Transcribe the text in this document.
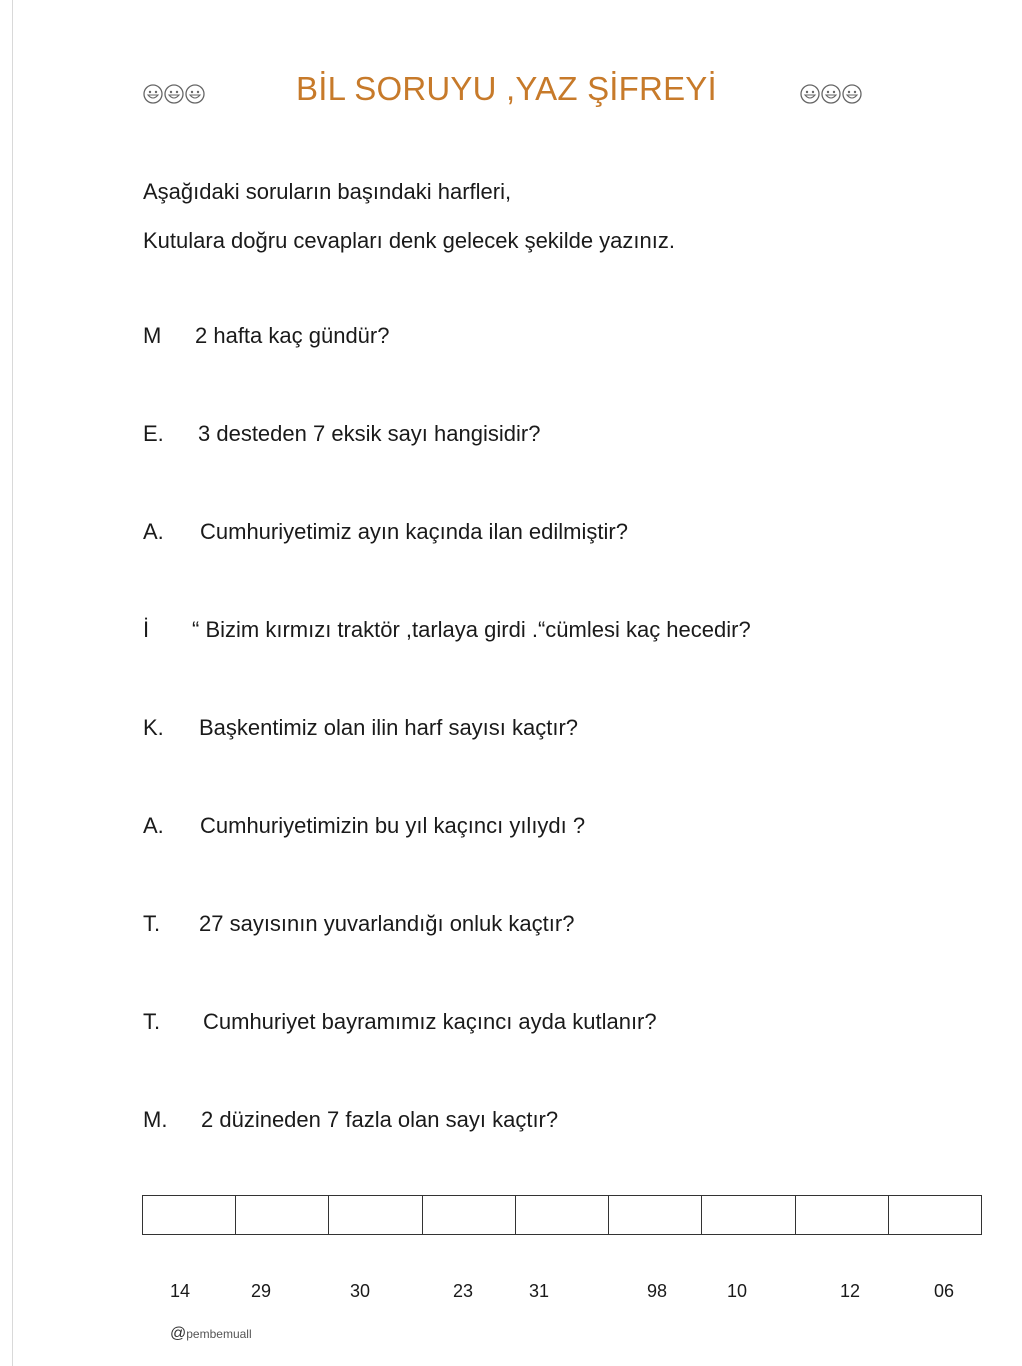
BİL SORUYU ,YAZ ŞİFREYİ
Aşağıdaki soruların başındaki harfleri,
Kutulara doğru cevapları denk gelecek şekilde yazınız.
M 2 hafta kaç gündür?
E. 3 desteden 7 eksik sayı hangisidir?
A. Cumhuriyetimiz ayın kaçında ilan edilmiştir?
İ “ Bizim kırmızı traktör ,tarlaya girdi .“cümlesi kaç hecedir?
K. Başkentimiz olan ilin harf sayısı kaçtır?
A. Cumhuriyetimizin bu yıl kaçıncı yılıydı ?
T. 27 sayısının yuvarlandığı onluk kaçtır?
T. Cumhuriyet bayramımız kaçıncı ayda kutlanır?
M. 2 düzineden 7 fazla olan sayı kaçtır?
14	29	30	23	31	98	10	12	06
@pembemuall
